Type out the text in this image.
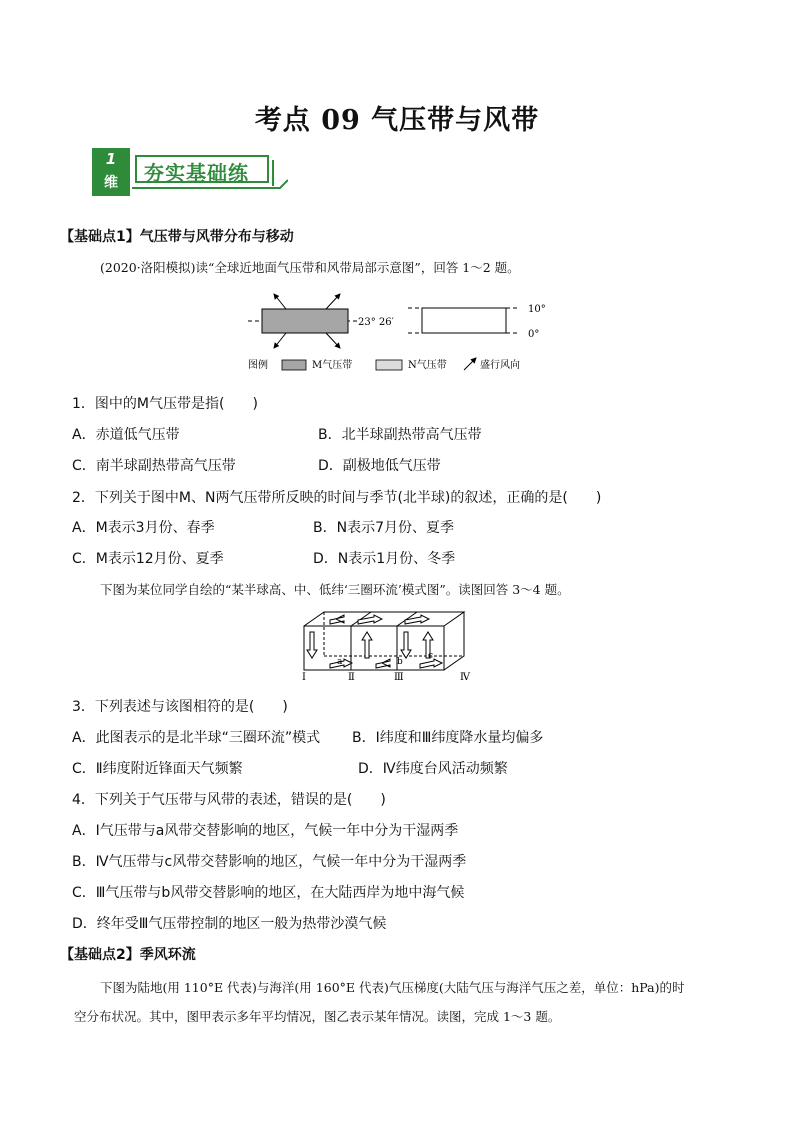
考点 09 气压带与风带
1
维	夯实基础练
【基础点1】气压带与风带分布与移动
(2020·洛阳模拟)读“全球近地面气压带和风带局部示意图”，回答 1～2 题。
23° 26′
10°
0°
图例	M气压带	N气压带	盛行风向
1．图中的M气压带是指(　　)
A．赤道低气压带	B．北半球副热带高气压带
C．南半球副热带高气压带	D．副极地低气压带
2．下列关于图中M、N两气压带所反映的时间与季节(北半球)的叙述，正确的是(　　)
A．M表示3月份、春季	B．N表示7月份、夏季
C．M表示12月份、夏季	D．N表示1月份、冬季
下图为某位同学自绘的“某半球高、中、低纬‘三圈环流’模式图”。读图回答 3～4 题。
a	b
c
Ⅰ	Ⅱ	Ⅲ	Ⅳ
3．下列表述与该图相符的是(　　)
A．此图表示的是北半球“三圈环流”模式 B．Ⅰ纬度和Ⅲ纬度降水量均偏多
C．Ⅱ纬度附近锋面天气频繁	D．Ⅳ纬度台风活动频繁
4．下列关于气压带与风带的表述，错误的是(　　)
A．Ⅰ气压带与a风带交替影响的地区，气候一年中分为干湿两季
B．Ⅳ气压带与c风带交替影响的地区，气候一年中分为干湿两季
C．Ⅲ气压带与b风带交替影响的地区，在大陆西岸为地中海气候
D．终年受Ⅲ气压带控制的地区一般为热带沙漠气候
【基础点2】季风环流
下图为陆地(用 110°E 代表)与海洋(用 160°E 代表)气压梯度(大陆气压与海洋气压之差，单位：hPa)的时
空分布状况。其中，图甲表示多年平均情况，图乙表示某年情况。读图，完成 1～3 题。
